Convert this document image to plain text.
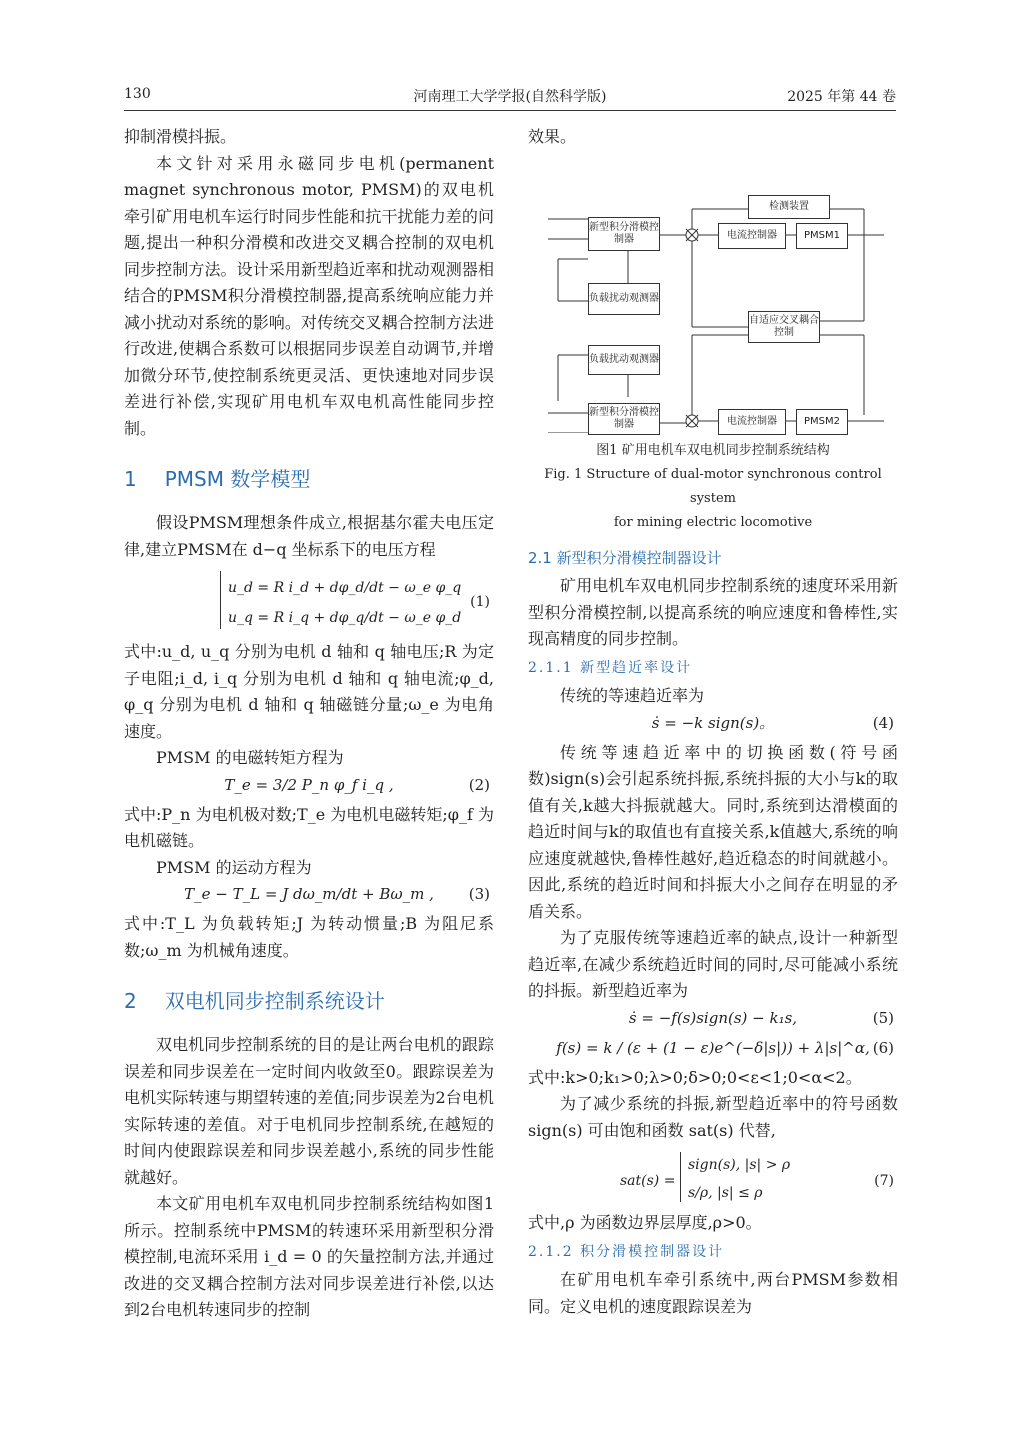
130	河南理工大学学报(自然科学版)	2025 年第 44 卷

抑制滑模抖振。

本文针对采用永磁同步电机(permanent magnet synchronous motor, PMSM)的双电机牵引矿用电机车运行时同步性能和抗干扰能力差的问题,提出一种积分滑模和改进交叉耦合控制的双电机同步控制方法。设计采用新型趋近率和扰动观测器相结合的PMSM积分滑模控制器,提高系统响应能力并减小扰动对系统的影响。对传统交叉耦合控制方法进行改进,使耦合系数可以根据同步误差自动调节,并增加微分环节,使控制系统更灵活、更快速地对同步误差进行补偿,实现矿用电机车双电机高性能同步控制。

1 PMSM 数学模型

假设PMSM理想条件成立,根据基尔霍夫电压定律,建立PMSM在 d−q 坐标系下的电压方程

u_d = R i_d + dφ_d/dt − ω_e φ_q
u_q = R i_q + dφ_q/dt − ω_e φ_d
(1)

式中:u_d, u_q 分别为电机 d 轴和 q 轴电压;R 为定子电阻;i_d, i_q 分别为电机 d 轴和 q 轴电流;φ_d, φ_q 分别为电机 d 轴和 q 轴磁链分量;ω_e 为电角速度。

PMSM 的电磁转矩方程为

T_e = 3/2 P_n φ_f i_q ,	(2)

式中:P_n 为电机极对数;T_e 为电机电磁转矩;φ_f 为电机磁链。

PMSM 的运动方程为

T_e − T_L = J dω_m/dt + Bω_m , (3)

式中:T_L 为负载转矩;J 为转动惯量;B 为阻尼系数;ω_m 为机械角速度。

2 双电机同步控制系统设计

双电机同步控制系统的目的是让两台电机的跟踪误差和同步误差在一定时间内收敛至0。跟踪误差为电机实际转速与期望转速的差值;同步误差为2台电机实际转速的差值。对于电机同步控制系统,在越短的时间内使跟踪误差和同步误差越小,系统的同步性能就越好。

本文矿用电机车双电机同步控制系统结构如图1所示。控制系统中PMSM的转速环采用新型积分滑模控制,电流环采用 i_d = 0 的矢量控制方法,并通过改进的交叉耦合控制方法对同步误差进行补偿,以达到2台电机转速同步的控制

效果。

新型积分滑模控制器	电流控制器	PMSM1
检测装置
负载扰动观测器
自适应交叉耦合控制
负载扰动观测器
新型积分滑模控制器	电流控制器	PMSM2
图1 矿用电机车双电机同步控制系统结构
Fig. 1 Structure of dual-motor synchronous control system
for mining electric locomotive
2.1 新型积分滑模控制器设计

矿用电机车双电机同步控制系统的速度环采用新型积分滑模控制,以提高系统的响应速度和鲁棒性,实现高精度的同步控制。

2.1.1 新型趋近率设计

传统的等速趋近率为

ṡ = −k sign(s)。	(4)

传统等速趋近率中的切换函数(符号函数)sign(s)会引起系统抖振,系统抖振的大小与k的取值有关,k越大抖振就越大。同时,系统到达滑模面的趋近时间与k的取值也有直接关系,k值越大,系统的响应速度就越快,鲁棒性越好,趋近稳态的时间就越小。因此,系统的趋近时间和抖振大小之间存在明显的矛盾关系。

为了克服传统等速趋近率的缺点,设计一种新型趋近率,在减少系统趋近时间的同时,尽可能减小系统的抖振。新型趋近率为

ṡ = −f(s)sign(s) − k₁s,	(5)
f(s) = k / (ε + (1 − ε)e^(−δ|s|)) + λ|s|^α, (6)

式中:k>0;k₁>0;λ>0;δ>0;0<ε<1;0<α<2。

为了减少系统的抖振,新型趋近率中的符号函数 sign(s) 可由饱和函数 sat(s) 代替,

sat(s) =
sign(s), |s| > ρ
s/ρ, |s| ≤ ρ
(7)

式中,ρ 为函数边界层厚度,ρ>0。

2.1.2 积分滑模控制器设计

在矿用电机车牵引系统中,两台PMSM参数相同。定义电机的速度跟踪误差为
